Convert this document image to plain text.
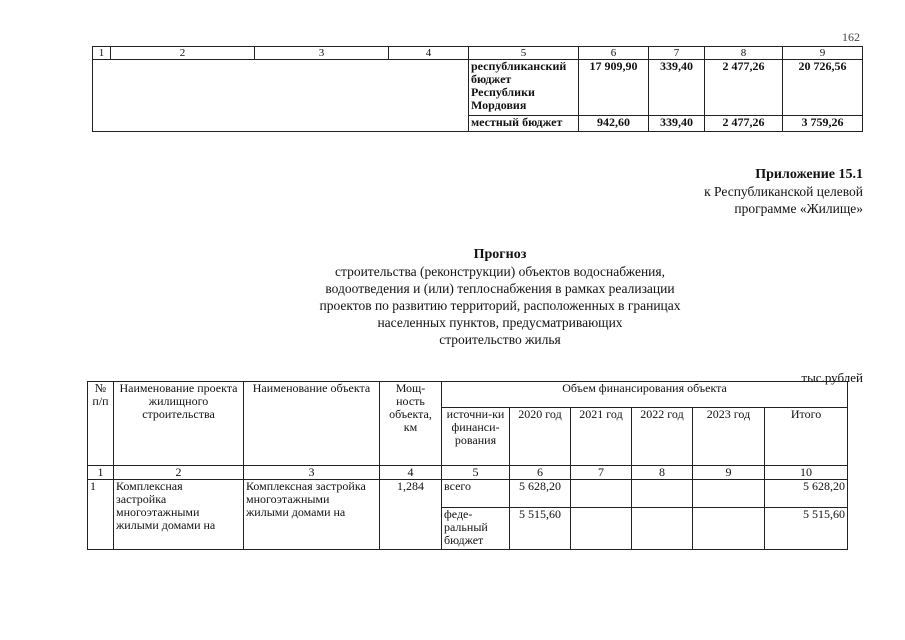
162
1	2	3	4	5	6	7	8	9
				республиканский бюджет Республики Мордовия	17 909,90	339,40	2 477,26	20 726,56
				местный бюджет	942,60	339,40	2 477,26	3 759,26
Приложение 15.1
к Республиканской целевой
программе «Жилище»
Прогноз
строительства (реконструкции) объектов водоснабжения,
водоотведения и (или) теплоснабжения в рамках реализации
проектов по развитию территорий, расположенных в границах
населенных пунктов, предусматривающих
строительство жилья
тыс.рублей
№ п/п	Наименование проекта жилищного строительства	Наименование объекта	Мощ-ность объекта, км	Объем финансирования объекта					
				источни-ки финанси-рования	2020 год	2021 год	2022 год	2023 год	Итого
1	2	3	4	5	6	7	8	9	10
1	Комплексная застройка многоэтажными жилыми домами на	Комплексная застройка многоэтажными жилыми домами на	1,284	всего	5 628,20				5 628,20

				феде-ральный бюджет	5 515,60				5 515,60
